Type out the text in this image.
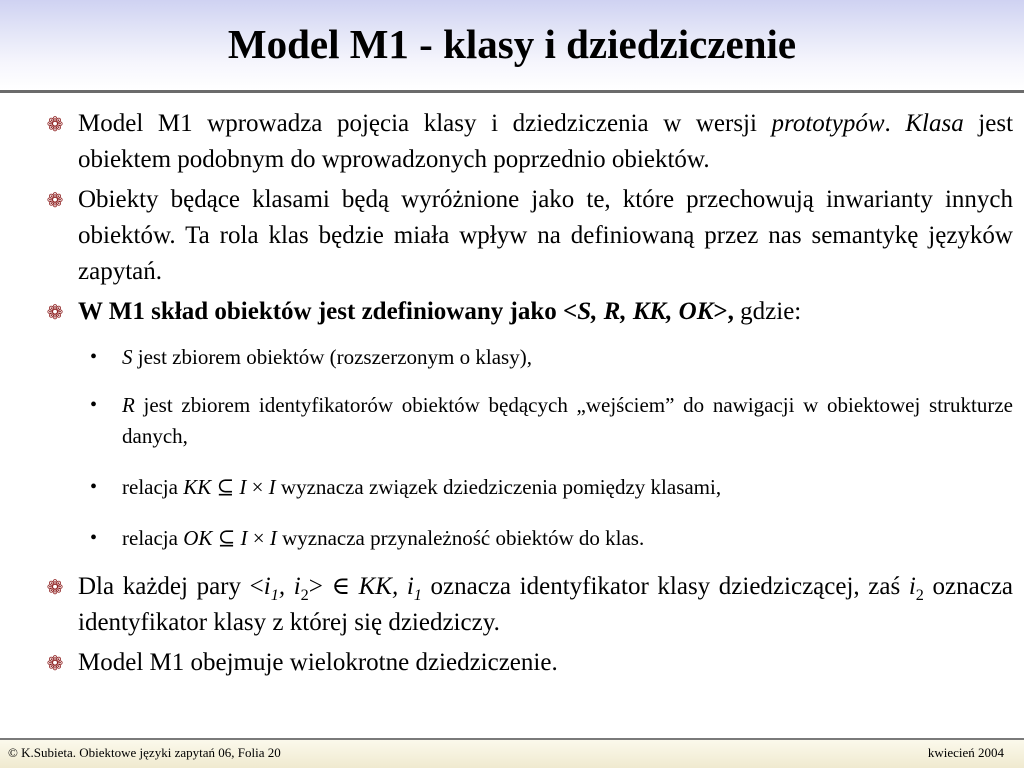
Model M1 - klasy i dziedziczenie
❁ Model M1 wprowadza pojęcia klasy i dziedziczenia w wersji prototypów. Klasa jest obiektem podobnym do wprowadzonych poprzednio obiektów.
❁ Obiekty będące klasami będą wyróżnione jako te, które przechowują inwarianty innych obiektów. Ta rola klas będzie miała wpływ na definiowaną przez nas semantykę języków zapytań.
❁ W M1 skład obiektów jest zdefiniowany jako <S, R, KK, OK>, gdzie:
• S jest zbiorem obiektów (rozszerzonym o klasy),
• R jest zbiorem identyfikatorów obiektów będących „wejściem” do nawigacji w obiektowej strukturze danych,
• relacja KK ⊆ I × I wyznacza związek dziedziczenia pomiędzy klasami,
• relacja OK ⊆ I × I wyznacza przynależność obiektów do klas.
❁ Dla każdej pary $<i_1$, $i_2>$ ∈ KK, $i_1$ oznacza identyfikator klasy dziedziczącej, zaś $i_2$ oznacza identyfikator klasy z której się dziedziczy.
❁ Model M1 obejmuje wielokrotne dziedziczenie.
© K.Subieta. Obiektowe języki zapytań 06, Folia 20	kwiecień 2004
